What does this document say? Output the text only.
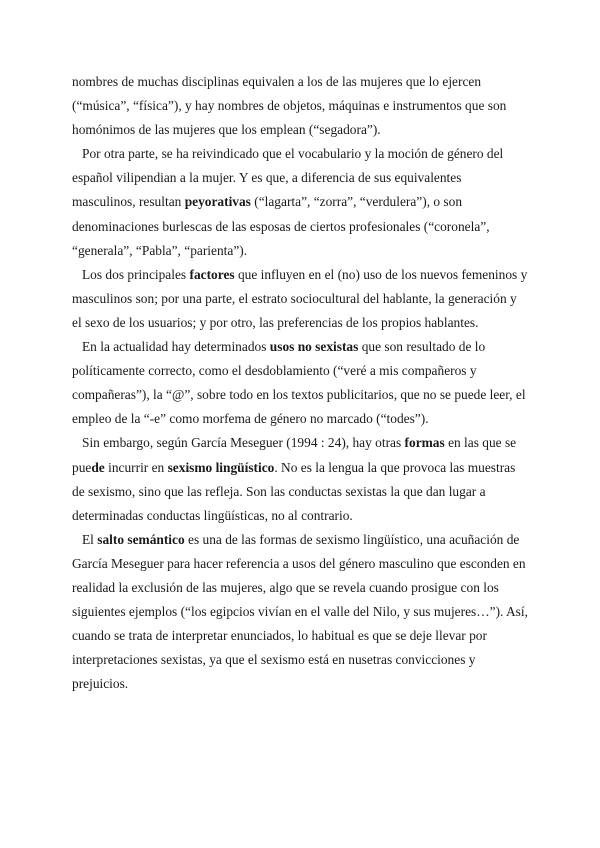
nombres de muchas disciplinas equivalen a los de las mujeres que lo ejercen (“música”, “física”), y hay nombres de objetos, máquinas e instrumentos que son homónimos de las mujeres que los emplean (“segadora”).

Por otra parte, se ha reivindicado que el vocabulario y la moción de género del español vilipendian a la mujer. Y es que, a diferencia de sus equivalentes masculinos, resultan peyorativas (“lagarta”, “zorra”, “verdulera”), o son denominaciones burlescas de las esposas de ciertos profesionales (“coronela”, “generala”, “Pabla”, “parienta”).

Los dos principales factores que influyen en el (no) uso de los nuevos femeninos y masculinos son; por una parte, el estrato sociocultural del hablante, la generación y el sexo de los usuarios; y por otro, las preferencias de los propios hablantes.

En la actualidad hay determinados usos no sexistas que son resultado de lo políticamente correcto, como el desdoblamiento (“veré a mis compañeros y compañeras”), la “@”, sobre todo en los textos publicitarios, que no se puede leer, el empleo de la “-e” como morfema de género no marcado (“todes”).

Sin embargo, según García Meseguer (1994 : 24), hay otras formas en las que se puede incurrir en sexismo lingüístico. No es la lengua la que provoca las muestras de sexismo, sino que las refleja. Son las conductas sexistas la que dan lugar a determinadas conductas lingüísticas, no al contrario.

El salto semántico es una de las formas de sexismo lingüístico, una acuñación de García Meseguer para hacer referencia a usos del género masculino que esconden en realidad la exclusión de las mujeres, algo que se revela cuando prosigue con los siguientes ejemplos (“los egipcios vivían en el valle del Nilo, y sus mujeres…”). Así, cuando se trata de interpretar enunciados, lo habitual es que se deje llevar por interpretaciones sexistas, ya que el sexismo está en nusetras convicciones y prejuicios.
